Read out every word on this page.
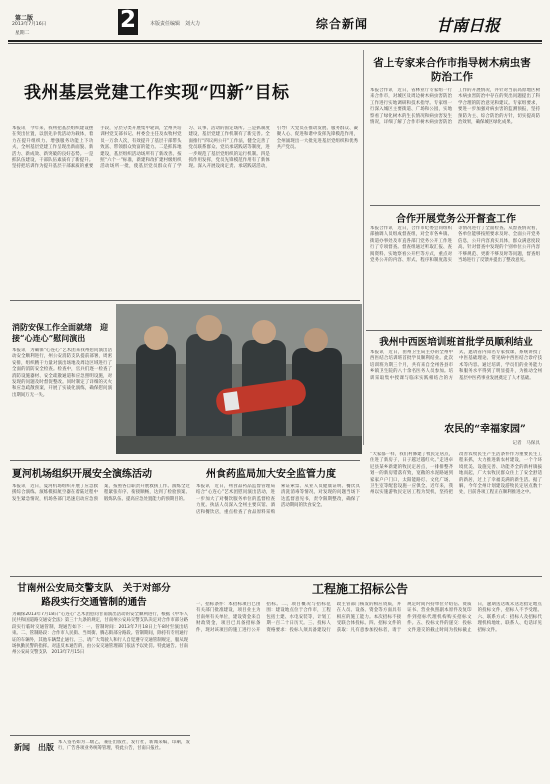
第二版
2013年7月16日
星期二
2	本版责任编辑　刘大力	综合新闻	甘南日报
我州基层党建工作实现“四新”目标
本报讯　今年来，我州把基层组织建设摆在突出位置，以创先争优活动为载体，着力在提升组织力、增强服务功能上下功夫，全州基层党建工作呈现出新面貌、新活力、新成效、新突破的良好态势。一是抓队伍建设，干部队伍素质有了新提升。坚持把培训作为提升基层干部素质的重要手段，分层分类开展集中轮训，全州共培训村党支部书记、村委会主任及农牧村党员一万余人次，有效提升了基层干部带头致富、带领群众致富的能力。二是抓阵地建设，基层组织活动场所有了新改善。按照“六个一”标准，新建和改扩建村级组织活动场所一批，使基层党员群众有了学习、议事、活动的固定场所。三是抓制度建设，基层党建工作机制有了新完善。全面推行“四议两公开”工作法，健全完善了党员联系群众、党员承诺践诺等制度，进一步规范了基层党组织的运行机制。四是抓作用发挥，党员先锋模范作用有了新体现。深入开展设岗定责、承诺践诺活动，引导广大党员在推动发展、服务群众、凝聚人心、促进和谐中发挥先锋模范作用，全州涌现出一大批先进基层党组织和优秀共产党员。
省上专家来合作市指导树木病虫害防治工作
本报合作讯　近日，省林业厅专家组一行来合作市，对城区及周边树木病虫害防治工作进行实地调研和技术指导。专家组一行深入城区主要街道、广场和公园，实地察看了绿化树木的生长情况和病虫害发生情况，详细了解了合作市树木病虫害防治工作的开展情况，并针对当前高原地区树木病虫害防治中存在的突出问题提出了科学合理的防治意见和建议。专家组要求，要进一步加强对病虫害的监测预报，坚持预防为主、综合防治的方针，切实提高防治效果，确保城区绿化成果。
合作开展党务公开督查工作
本报合作讯　近日，合作市纪委会同组织部抽调人员组成督查组，对全市各乡镇、街道办事处及市直各部门党务公开工作进行了专项督查。督查组通过听取汇报、查阅资料、实地察看公开栏等方式，重点对党务公开的内容、形式、程序和制度落实等情况进行了全面检查。从督查情况看，各单位能够按照要求及时、全面公开党务信息，公开内容真实具体，群众满意度较高。针对督查中发现的个别单位公开内容不够规范、更新不够及时等问题，督查组当场进行了反馈并提出了整改意见。
消防安保工作全面就绪　迎接“心连心”慰问演出
本报讯　为确保“心连心”艺术团来我州慰问演出活动安全顺利进行，州公安消防支队提前部署，周密安排，组织精干力量对演出场地及周边区域进行了全面的消防安全检查。检查中，官兵们逐一检查了消防设施器材、安全疏散通道和应急照明设施，对发现的问题及时督促整改。同时制定了详细的灭火和应急疏散预案，开展了实战化演练，确保慰问演出期间万无一失。
我州中西医培训班首批学员顺利结业
本报讯　近日，由州卫生局主办的全州中西医结合培训班首批学员顺利结业。此次培训班为期三个月，共有来自全州各县市乡镇卫生院的八十余名医务人员参加。培训采取集中授课与临床实践相结合的方式，邀请省内知名专家授课，系统讲授了中医基础理论、常见病中西医结合诊疗技术等内容。通过培训，学员们的业务能力和服务水平得到了明显提升，为推动全州基层中医药事业发展奠定了人才基础。
夏河机场组织开展安全演练活动
本报讯　近日，夏河机场组织开展了应急救援综合演练。演练模拟航空器在着陆过程中发生紧急情况，机场各部门迅速启动应急预案，按照各自职责开展救援工作。演练全过程紧张有序、衔接顺畅，达到了检验预案、锻炼队伍、提高应急处置能力的预期目的。
州食药监局加大安全监管力度
本报讯　近日，州食品药品监督管理局结合“心连心”艺术团慰问演出活动，进一步加大了对餐饮服务单位的监督检查力度。执法人员深入全州主要宾馆、酒店和餐饮店，重点检查了食品原料采购索证索票、从业人员健康证明、餐饮具清洗消毒等情况，对发现的问题当场下达监督意见书，责令限期整改，确保了活动期间的饮食安全。
农民的“幸福家园”
记者　马保具
“大家都一样，我们村修建了牧民定居点，住进了新房子，日子越过越红火。”走进卓尼县某乡新建的牧民定居点，一排排整齐划一的新房错落有致，宽敞的水泥路通到家家户户门口，太阳能路灯、文化广场、卫生室等配套设施一应俱全。近年来，我州以实施游牧民定居工程为契机，坚持把改善农牧民生产生活条件作为重要民生工程来抓，大力推进新农村建设，一个个环境优美、设施完善、功能齐全的新村镇拔地而起，广大农牧民群众住上了安全舒适的新居，过上了幸福美满的新生活。据了解，今年全州计划建设游牧民定居点数十处，目前各项工程正在顺利推进之中。
甘南州公安局交警支队　关于对部分路段实行交通管制的通告
为确保2013年7月18日“心连心”艺术团慰问甘南演出活动的安全顺利进行，根据《中华人民共和国道路交通安全法》第三十九条的规定，甘南州公安局交警支队决定对合作市部分路段实行临时交通管制，现通告如下：一、管制时间：2013年7月18日上午8时至演出结束。二、管制路段：合作市人民街、当周街、腾志街部分路段。管制期间，除持有专用通行证的车辆外，其他车辆禁止通行。三、请广大驾驶人和行人自觉遵守交通管制规定，服从现场执勤民警的指挥。对违反本通告的，由公安交通管理部门依法予以处罚。特此通告。甘南州公安局交警支队　2013年7月15日
工程施工招标公告
一、招标条件：本招标项目已由有关部门批准建设，项目业主为甘南州有关单位，建设资金来自财政资金，项目已具备招标条件，现对该项目的施工进行公开招标。二、项目概况与招标范围：建设地点位于合作市，工程包括土建、水电安装等，计划工期一百二十日历天。三、投标人资格要求：投标人须具备建设行政主管部门核发的相应资质，并在人员、设备、资金等方面具有相应的施工能力。本次招标不接受联合体投标。四、招标文件的获取：凡有意参加投标者，请于规定时间内持单位介绍信、资质证书、营业执照副本原件及复印件到招标代理机构购买招标文件。五、投标文件的递交：投标文件递交的截止时间为投标截止日，逾期送达或未送达指定地点的投标文件，招标人不予受理。六、联系方式：招标人及招标代理机构地址、联系人、电话详见招标文件。
新闻　出版
本人签名如为二级乙，兼任出版社，发行社，新闻采编，印刷，发行，广告各项业务统筹管理，特此公告，甘南日报社。
